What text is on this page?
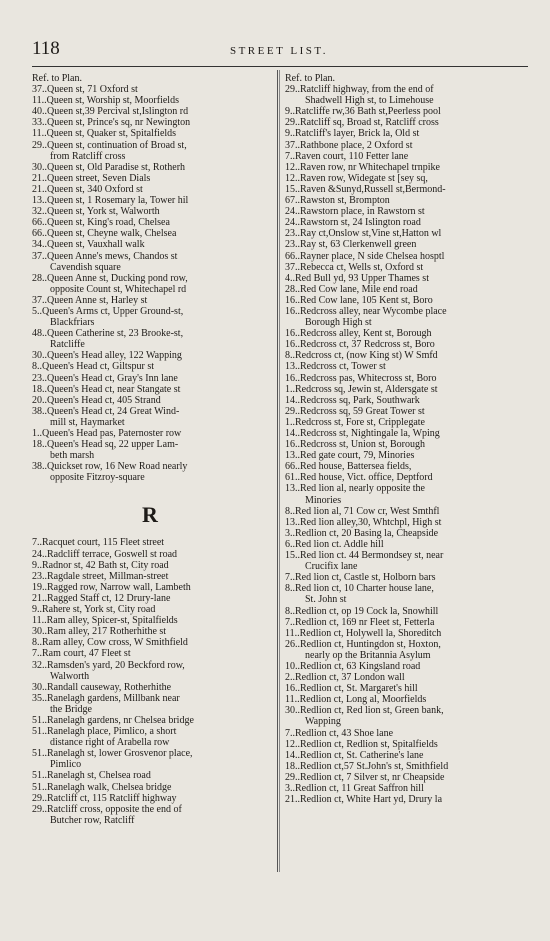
118	STREET LIST.
Ref. to Plan.
37..Queen st, 71 Oxford st
11..Queen st, Worship st, Moorfields
40..Queen st,39 Percival st,Islington rd
33..Queen st, Prince's sq, nr Newington
11..Queen st, Quaker st, Spitalfields
29..Queen st, continuation of Broad st,
from Ratcliff cross
30..Queen st, Old Paradise st, Rotherh
21..Queen street, Seven Dials
21..Queen st, 340 Oxford st
13..Queen st, 1 Rosemary la, Tower hil
32..Queen st, York st, Walworth
66..Queen st, King's road, Chelsea
66..Queen st, Cheyne walk, Chelsea
34..Queen st, Vauxhall walk
37..Queen Anne's mews, Chandos st
Cavendish square
28..Queen Anne st, Ducking pond row,
opposite Count st, Whitechapel rd
37..Queen Anne st, Harley st
5..Queen's Arms ct, Upper Ground-st,
Blackfriars
48..Queen Catherine st, 23 Brooke-st,
Ratcliffe
30..Queen's Head alley, 122 Wapping
8..Queen's Head ct, Giltspur st
23..Queen's Head ct, Gray's Inn lane
18..Queen's Head ct, near Stangate st
20..Queen's Head ct, 405 Strand
38..Queen's Head ct, 24 Great Wind-
mill st, Haymarket
1..Queen's Head pas, Paternoster row
18..Queen's Head sq, 22 upper Lam-
beth marsh
38..Quickset row, 16 New Road nearly
opposite Fitzroy-square
R
7..Racquet court, 115 Fleet street
24..Radcliff terrace, Goswell st road
9..Radnor st, 42 Bath st, City road
23..Ragdale street, Millman-street
19..Ragged row, Narrow wall, Lambeth
21..Ragged Staff ct, 12 Drury-lane
9..Rahere st, York st, City road
11..Ram alley, Spicer-st, Spitalfields
30..Ram alley, 217 Rotherhithe st
8..Ram alley, Cow cross, W Smithfield
7..Ram court, 47 Fleet st
32..Ramsden's yard, 20 Beckford row,
Walworth
30..Randall causeway, Rotherhithe
35..Ranelagh gardens, Millbank near
the Bridge
51..Ranelagh gardens, nr Chelsea bridge
51..Ranelagh place, Pimlico, a short
distance right of Arabella row
51..Ranelagh st, lower Grosvenor place,
Pimlico
51..Ranelagh st, Chelsea road
51..Ranelagh walk, Chelsea bridge
29..Ratcliff ct, 115 Ratcliff highway
29..Ratcliff cross, opposite the end of
Butcher row, Ratcliff
Ref. to Plan.
29..Ratcliff highway, from the end of
Shadwell High st, to Limehouse
9..Ratcliffe rw,36 Bath st,Peerless pool
29..Ratcliff sq, Broad st, Ratcliff cross
9..Ratcliff's layer, Brick la, Old st
37..Rathbone place, 2 Oxford st
7..Raven court, 110 Fetter lane
12..Raven row, nr Whitechapel trnpike
12..Raven row, Widegate st [sey sq,
15..Raven &Sunyd,Russell st,Bermond-
67..Rawston st, Brompton
24..Rawstorn place, in Rawstorn st
24..Rawstorn st, 24 Islington road
23..Ray ct,Onslow st,Vine st,Hatton wl
23..Ray st, 63 Clerkenwell green
66..Rayner place, N side Chelsea hosptl
37..Rebecca ct, Wells st, Oxford st
4..Red Bull yd, 93 Upper Thames st
28..Red Cow lane, Mile end road
16..Red Cow lane, 105 Kent st, Boro
16..Redcross alley, near Wycombe place
Borough High st
16..Redcross alley, Kent st, Borough
16..Redcross ct, 37 Redcross st, Boro
8..Redcross ct, (now King st) W Smfd
13..Redcross ct, Tower st
16..Redcross pas, Whitecross st, Boro
1..Redcross sq, Jewin st, Aldersgate st
14..Redcross sq, Park, Southwark
29..Redcross sq, 59 Great Tower st
1..Redcross st, Fore st, Cripplegate
14..Redcross st, Nightingale la, Wping
16..Redcross st, Union st, Borough
13..Red gate court, 79, Minories
66..Red house, Battersea fields,
61..Red house, Vict. office, Deptford
13..Red lion al, nearly opposite the
Minories
8..Red lion al, 71 Cow cr, West Smthfl
13..Red lion alley,30, Whtchpl, High st
3..Redlion ct, 20 Basing la, Cheapside
6..Red lion ct. Addle hill
15..Red lion ct. 44 Bermondsey st, near
Crucifix lane
7..Red lion ct, Castle st, Holborn bars
8..Red lion ct, 10 Charter house lane,
St. John st
8..Redlion ct, op 19 Cock la, Snowhill
7..Redlion ct, 169 nr Fleet st, Fetterla
11..Redlion ct, Holywell la, Shoreditch
26..Redlion ct, Huntingdon st, Hoxton,
nearly op the Britannia Asylum
10..Redlion ct, 63 Kingsland road
2..Redlion ct, 37 London wall
16..Redlion ct, St. Margaret's hill
11..Redlion ct, Long al, Moorfields
30..Redlion ct, Red lion st, Green bank,
Wapping
7..Redlion ct, 43 Shoe lane
12..Redlion ct, Redlion st, Spitalfields
14..Redlion ct, St. Catherine's lane
18..Redlion ct,57 St.John's st, Smithfield
29..Redlion ct, 7 Silver st, nr Cheapside
3..Redlion ct, 11 Great Saffron hill
21..Redlion ct, White Hart yd, Drury la
